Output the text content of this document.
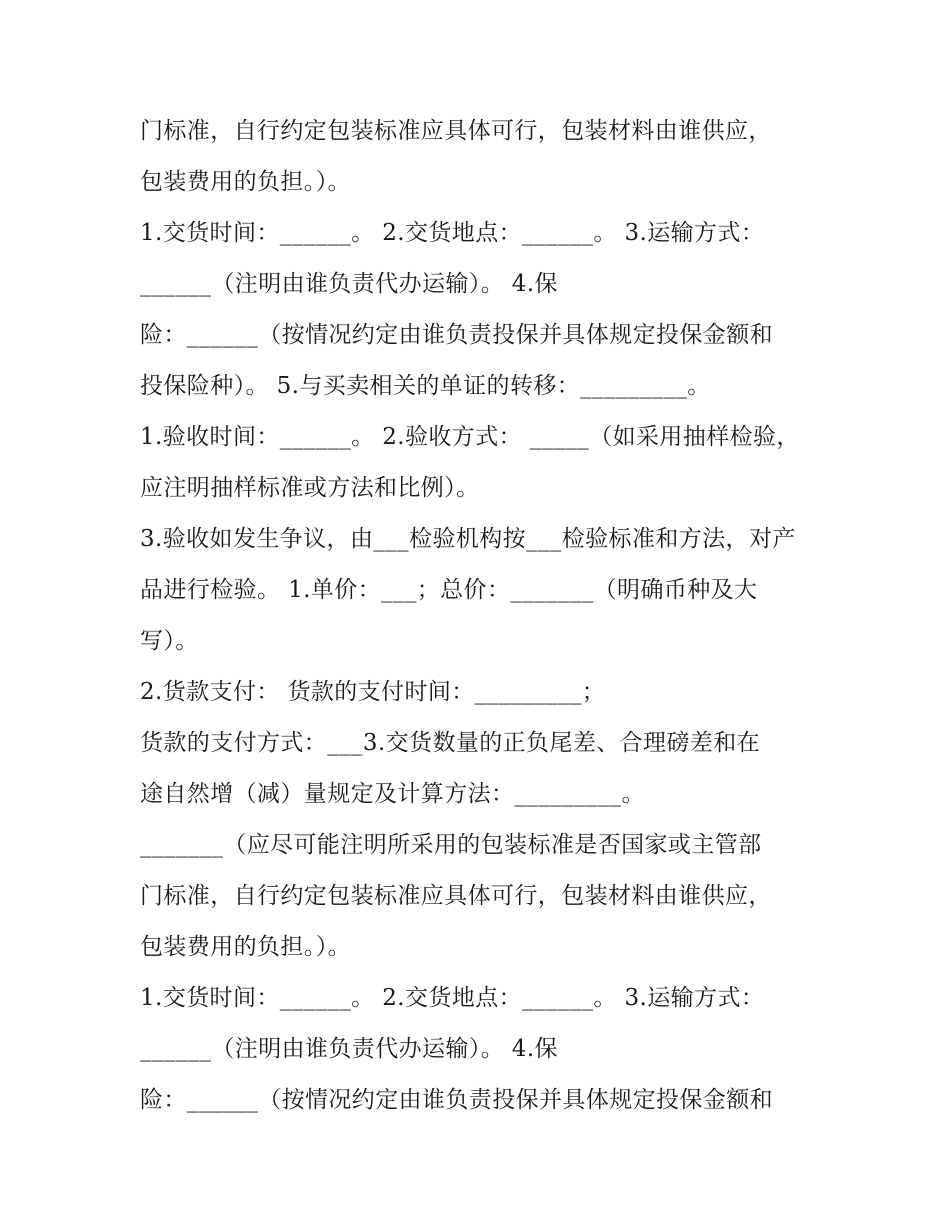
门标准，自行约定包装标准应具体可行，包装材料由谁供应，
包装费用的负担。）。
1.交货时间：______。 2.交货地点：______。 3.运输方式：
______（注明由谁负责代办运输）。 4.保
险：______（按情况约定由谁负责投保并具体规定投保金额和
投保险种）。 5.与买卖相关的单证的转移：_________。
1.验收时间：______。 2.验收方式： _____（如采用抽样检验，
应注明抽样标准或方法和比例）。
3.验收如发生争议，由___检验机构按___检验标准和方法，对产
品进行检验。 1.单价：___；总价：_______（明确币种及大
写）。
2.货款支付： 货款的支付时间：_________；
货款的支付方式：___3.交货数量的正负尾差、合理磅差和在
途自然增（减）量规定及计算方法：_________。
_______（应尽可能注明所采用的包装标准是否国家或主管部
门标准，自行约定包装标准应具体可行，包装材料由谁供应，
包装费用的负担。）。
1.交货时间：______。 2.交货地点：______。 3.运输方式：
______（注明由谁负责代办运输）。 4.保
险：______（按情况约定由谁负责投保并具体规定投保金额和
